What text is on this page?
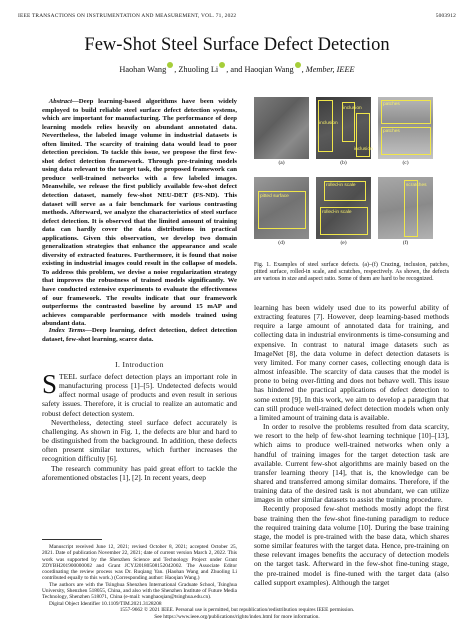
IEEE TRANSACTIONS ON INSTRUMENTATION AND MEASUREMENT, VOL. 71, 2022	5003912
Few-Shot Steel Surface Defect Detection
Haohan Wang , Zhuoling Li , and Haoqian Wang , Member, IEEE

 Abstract—Deep learning-based algorithms have been widely employed to build reliable steel surface defect detection systems, which are important for manufacturing. The performance of deep learning models relies heavily on abundant annotated data. Nevertheless, the labeled image volume in industrial datasets is often limited. The scarcity of training data would lead to poor detection precision. To tackle this issue, we propose the first few-shot defect detection framework. Through pre-training models using data relevant to the target task, the proposed framework can produce well-trained networks with a few labeled images. Meanwhile, we release the first publicly available few-shot defect detection dataset, namely few-shot NEU-DET (FS-ND). This dataset will serve as a fair benchmark for various contrasting methods. Afterward, we analyze the characteristics of steel surface defect detection. It is observed that the limited amount of training data can hardly cover the data distributions in practical applications. Given this observation, we develop two domain generalization strategies that enhance the appearance and scale diversity of extracted features. Furthermore, it is found that noise existing in industrial images could result in the collapse of models. To address this problem, we devise a noise regularization strategy that improves the robustness of trained models significantly. We have conducted extensive experiments to evaluate the effectiveness of our framework. The results indicate that our framework outperforms the contrasted baseline by around 15 mAP and achieves comparable performance with models trained using abundant data.

 Index Terms—Deep learning, defect detection, defect detection dataset, few-shot learning, scarce data.

I. Introduction

STEEL surface defect detection plays an important role in manufacturing process [1]–[5]. Undetected defects would affect normal usage of products and even result in serious safety issues. Therefore, it is crucial to realize an automatic and robust defect detection system.

Nevertheless, detecting steel surface defect accurately is challenging. As shown in Fig. 1, the defects are blur and hard to be distinguished from the background. In addition, these defects often present similar textures, which further increases the recognition difficulty [6].

The research community has paid great effort to tackle the aforementioned obstacles [1], [2]. In recent years, deep

Manuscript received June 12, 2021; revised October 8, 2021; accepted October 25, 2021. Date of publication November 22, 2021; date of current version March 2, 2022. This work was supported by the Shenzhen Science and Technology Project under Grant ZDYBH201900000002 and Grant JCYJ20180508152042002. The Associate Editor coordinating the review process was Dr. Ruqiang Yan. (Haohan Wang and Zhuoling Li contributed equally to this work.) (Corresponding author: Haoqian Wang.)

The authors are with the Tsinghua Shenzhen International Graduate School, Tsinghua University, Shenzhen 518055, China, and also with the Shenzhen Institute of Future Media Technology, Shenzhen 518071, China (e-mail: wanghaoqian@tsinghua.edu.cn).

Digital Object Identifier 10.1109/TIM.2021.3128208

inclusion
inclusion
inclusion
patches
patches
(a)	(b)	(c)
pitted surface
rolled-in scale
rolled-in scale
scratches
(d)	(e)	(f)
Fig. 1. Examples of steel surface defects. (a)–(f) Crazing, inclusion, patches, pitted surface, rolled-in scale, and scratches, respectively. As shown, the defects are various in size and aspect ratio. Some of them are hard to be recognized.

learning has been widely used due to its powerful ability of extracting features [7]. However, deep learning-based methods require a large amount of annotated data for training, and collecting data in industrial environments is time-consuming and expensive. In contrast to natural image datasets such as ImageNet [8], the data volume in defect detection datasets is very limited. For many corner cases, collecting enough data is almost infeasible. The scarcity of data causes that the model is prone to being over-fitting and does not behave well. This issue has hindered the practical applications of defect detection to some extent [9]. In this work, we aim to develop a paradigm that can still produce well-trained defect detection models when only a limited amount of training data is available.

In order to resolve the problems resulted from data scarcity, we resort to the help of few-shot learning technique [10]–[13], which aims to produce well-trained networks when only a handful of training images for the target detection task are available. Current few-shot algorithms are mainly based on the transfer learning theory [14], that is, the knowledge can be shared and transferred among similar domains. Therefore, if the training data of the desired task is not abundant, we can utilize images in other similar datasets to assist the training procedure.

Recently proposed few-shot methods mostly adopt the first base training then the few-shot fine-tuning paradigm to reduce the required training data volume [10]. During the base training stage, the model is pre-trained with the base data, which shares some similar features with the target data. Hence, pre-training on these relevant images benefits the accuracy of detection models on the target task. Afterward in the few-shot fine-tuning stage, the pre-trained model is fine-tuned with the target data (also called support examples). Although the target

1557-9662 © 2021 IEEE. Personal use is permitted, but republication/redistribution requires IEEE permission.
See https://www.ieee.org/publications/rights/index.html for more information.
